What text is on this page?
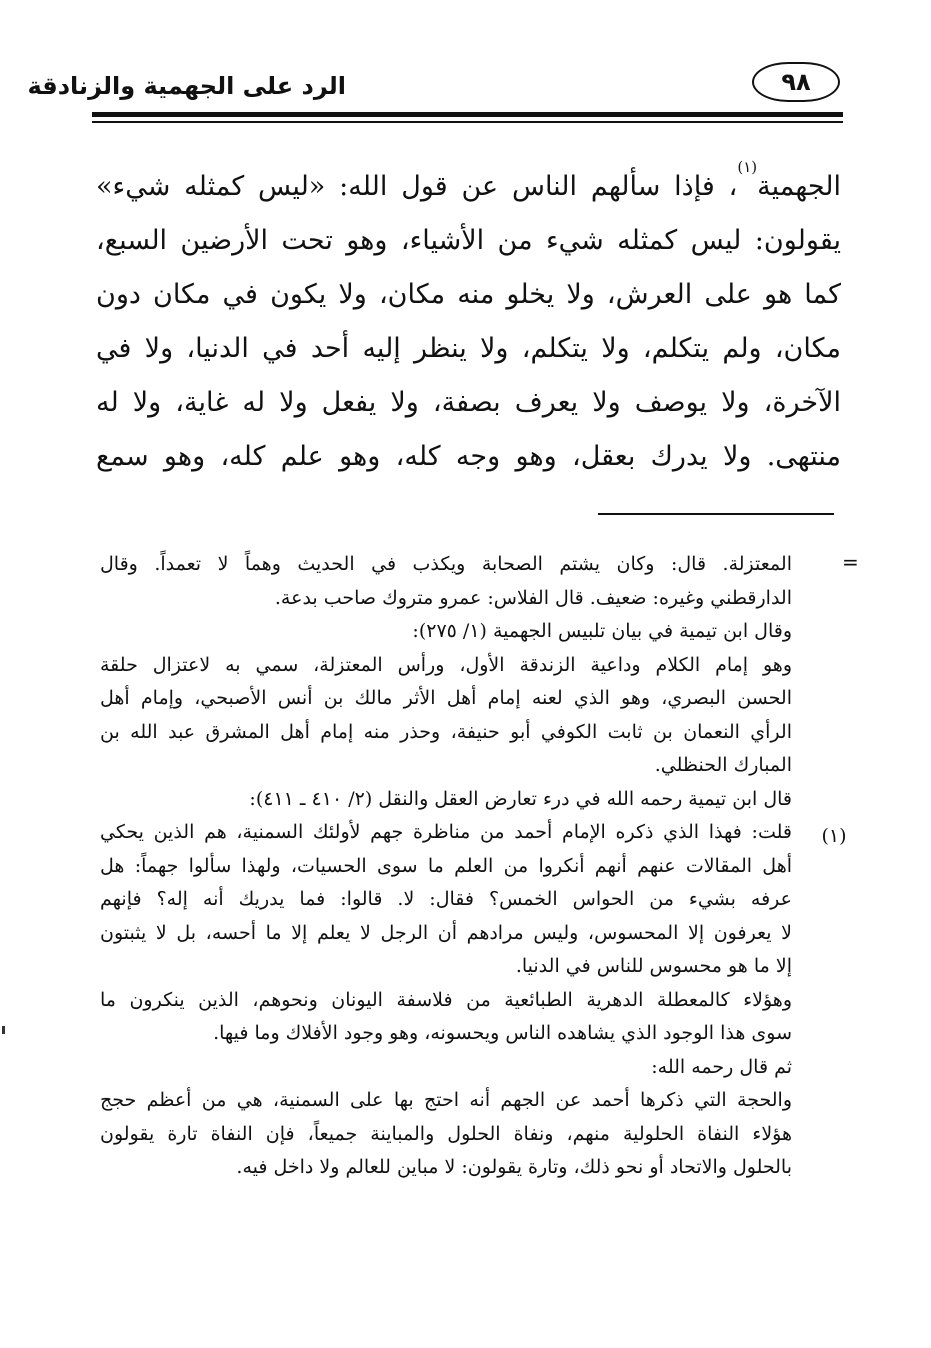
الرد على الجهمية والزنادقة	٩٨
الجهمية$^{(١)}$، فإذا سألهم الناس عن قول الله: «ليس كمثله شيء»
يقولون: ليس كمثله شيء من الأشياء، وهو تحت الأرضين السبع،
كما هو على العرش، ولا يخلو منه مكان، ولا يكون في مكان دون
مكان، ولم يتكلم، ولا يتكلم، ولا ينظر إليه أحد في الدنيا، ولا في
الآخرة، ولا يوصف ولا يعرف بصفة، ولا يفعل ولا له غاية، ولا له
منتهى. ولا يدرك بعقل، وهو وجه كله، وهو علم كله، وهو سمع
=
(١)
المعتزلة. قال: وكان يشتم الصحابة ويكذب في الحديث وهماً لا تعمداً. وقال
الدارقطني وغيره: ضعيف. قال الفلاس: عمرو متروك صاحب بدعة.
وقال ابن تيمية في بيان تلبيس الجهمية (١/ ٢٧٥):
وهو إمام الكلام وداعية الزندقة الأول، ورأس المعتزلة، سمي به لاعتزال حلقة
الحسن البصري، وهو الذي لعنه إمام أهل الأثر مالك بن أنس الأصبحي، وإمام أهل
الرأي النعمان بن ثابت الكوفي أبو حنيفة، وحذر منه إمام أهل المشرق عبد الله بن
المبارك الحنظلي.
قال ابن تيمية رحمه الله في درء تعارض العقل والنقل (٢/ ٤١٠ ـ ٤١١):
قلت: فهذا الذي ذكره الإمام أحمد من مناظرة جهم لأولئك السمنية، هم الذين يحكي
أهل المقالات عنهم أنهم أنكروا من العلم ما سوى الحسيات، ولهذا سألوا جهماً: هل
عرفه بشيء من الحواس الخمس؟ فقال: لا. قالوا: فما يدريك أنه إله؟ فإنهم
لا يعرفون إلا المحسوس، وليس مرادهم أن الرجل لا يعلم إلا ما أحسه، بل لا يثبتون
إلا ما هو محسوس للناس في الدنيا.
وهؤلاء كالمعطلة الدهرية الطبائعية من فلاسفة اليونان ونحوهم، الذين ينكرون ما
سوى هذا الوجود الذي يشاهده الناس ويحسونه، وهو وجود الأفلاك وما فيها.
ثم قال رحمه الله:
والحجة التي ذكرها أحمد عن الجهم أنه احتج بها على السمنية، هي من أعظم حجج
هؤلاء النفاة الحلولية منهم، ونفاة الحلول والمباينة جميعاً، فإن النفاة تارة يقولون
بالحلول والاتحاد أو نحو ذلك، وتارة يقولون: لا مباين للعالم ولا داخل فيه.
